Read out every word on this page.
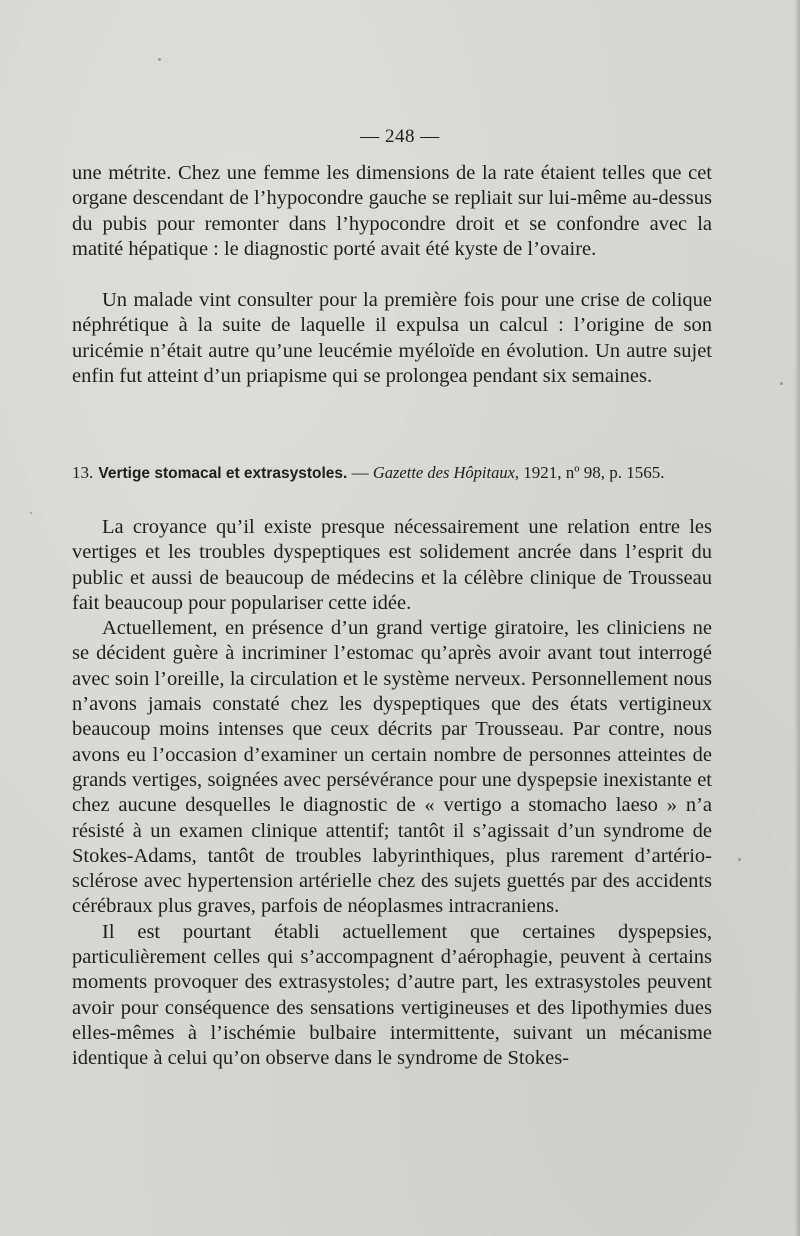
— 248 —

une métrite. Chez une femme les dimensions de la rate étaient telles que cet organe descendant de l’hypocondre gauche se repliait sur lui-même au-dessus du pubis pour remonter dans l’hypocondre droit et se confondre avec la matité hépatique : le diagnostic porté avait été kyste de l’ovaire.

Un malade vint consulter pour la première fois pour une crise de colique néphrétique à la suite de laquelle il expulsa un calcul : l’origine de son uricémie n’était autre qu’une leucémie myéloïde en évolution. Un autre sujet enfin fut atteint d’un priapisme qui se prolongea pendant six semaines.

13. Vertige stomacal et extrasystoles. — Gazette des Hôpitaux, 1921, nº 98, p. 1565.

La croyance qu’il existe presque nécessairement une relation entre les vertiges et les troubles dyspeptiques est solidement ancrée dans l’esprit du public et aussi de beaucoup de médecins et la célèbre clinique de Trousseau fait beaucoup pour populariser cette idée.

Actuellement, en présence d’un grand vertige giratoire, les cliniciens ne se décident guère à incriminer l’estomac qu’après avoir avant tout interrogé avec soin l’oreille, la circulation et le système nerveux. Personnellement nous n’avons jamais constaté chez les dyspeptiques que des états vertigineux beaucoup moins intenses que ceux décrits par Trousseau. Par contre, nous avons eu l’occasion d’examiner un certain nombre de personnes atteintes de grands vertiges, soignées avec persévérance pour une dyspepsie inexistante et chez aucune desquelles le diagnostic de « vertigo a stomacho laeso » n’a résisté à un examen clinique attentif; tantôt il s’agissait d’un syndrome de Stokes-Adams, tantôt de troubles labyrinthiques, plus rarement d’artério-sclérose avec hypertension artérielle chez des sujets guettés par des accidents cérébraux plus graves, parfois de néoplasmes intracraniens.

Il est pourtant établi actuellement que certaines dyspepsies, particulièrement celles qui s’accompagnent d’aérophagie, peuvent à certains moments provoquer des extrasystoles; d’autre part, les extrasystoles peuvent avoir pour conséquence des sensations vertigineuses et des lipothymies dues elles-mêmes à l’ischémie bulbaire intermittente, suivant un mécanisme identique à celui qu’on observe dans le syndrome de Stokes-
